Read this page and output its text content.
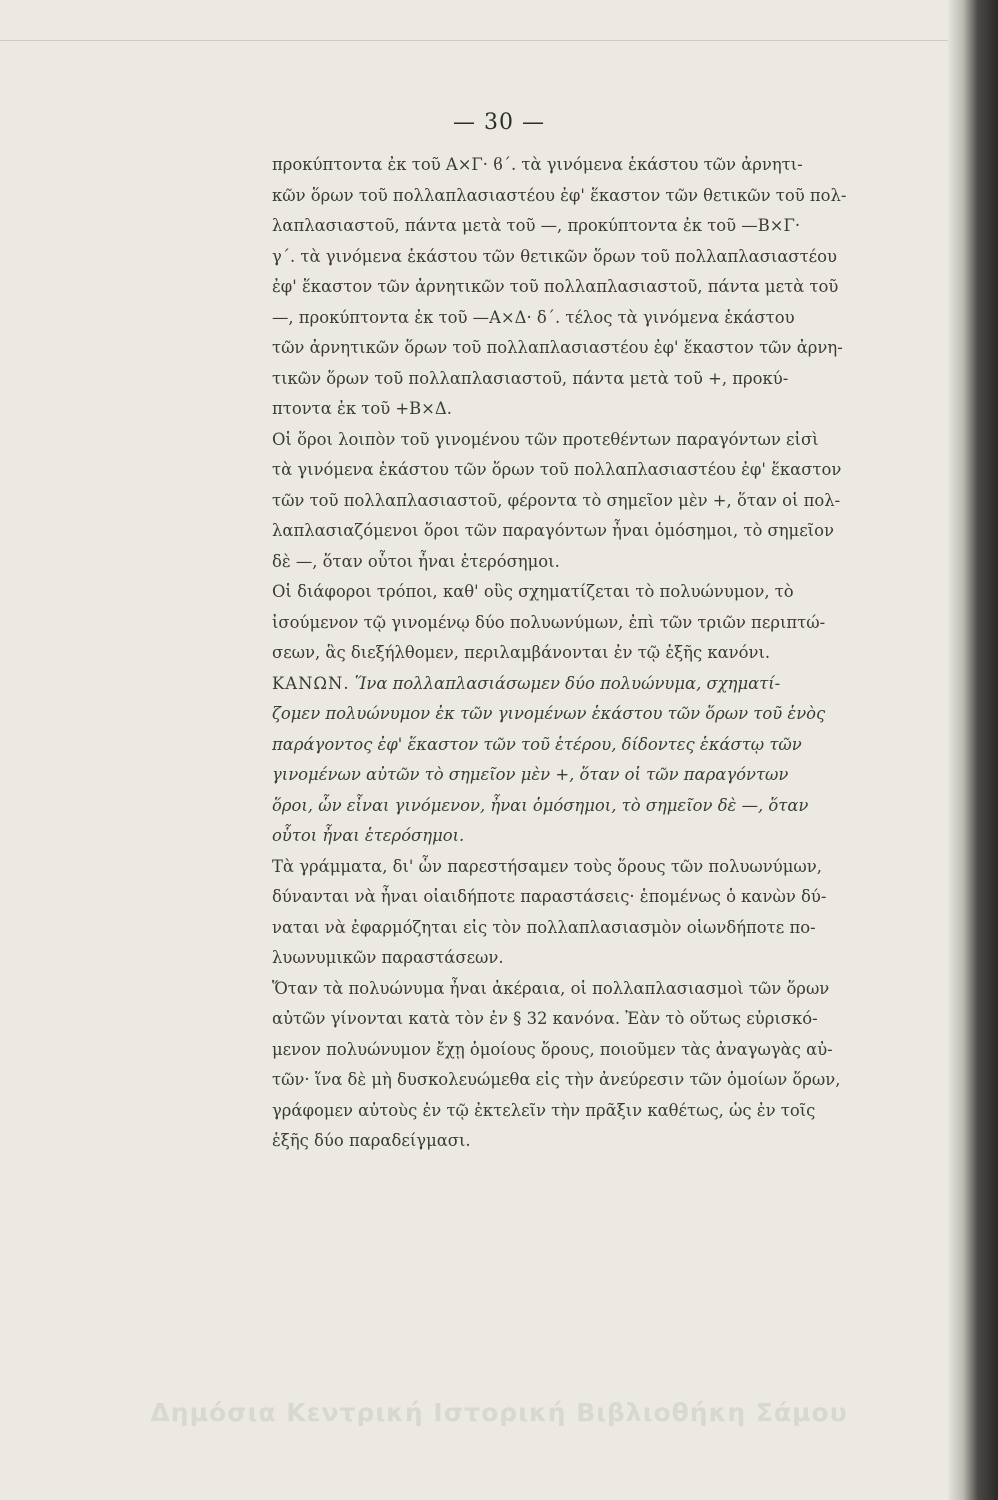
— 30 —

προκύπτοντα ἐκ τοῦ Α×Γ· ϐ΄. τὰ γινόμενα ἑκάστου τῶν ἀρνητι-
κῶν ὅρων τοῦ πολλαπλασιαστέου ἐφ' ἕκαστον τῶν θετικῶν τοῦ πολ-
λαπλασιαστοῦ, πάντα μετὰ τοῦ —, προκύπτοντα ἐκ τοῦ —Β×Γ·
γ΄. τὰ γινόμενα ἑκάστου τῶν θετικῶν ὅρων τοῦ πολλαπλασιαστέου
ἐφ' ἕκαστον τῶν ἀρνητικῶν τοῦ πολλαπλασιαστοῦ, πάντα μετὰ τοῦ
—, προκύπτοντα ἐκ τοῦ —Α×Δ· δ΄. τέλος τὰ γινόμενα ἑκάστου
τῶν ἀρνητικῶν ὅρων τοῦ πολλαπλασιαστέου ἐφ' ἕκαστον τῶν ἀρνη-
τικῶν ὅρων τοῦ πολλαπλασιαστοῦ, πάντα μετὰ τοῦ +, προκύ-
πτοντα ἐκ τοῦ +Β×Δ.

Οἱ ὅροι λοιπὸν τοῦ γινομένου τῶν προτεθέντων παραγόντων εἰσὶ
τὰ γινόμενα ἑκάστου τῶν ὅρων τοῦ πολλαπλασιαστέου ἐφ' ἕκαστον
τῶν τοῦ πολλαπλασιαστοῦ, φέροντα τὸ σημεῖον μὲν +, ὅταν οἱ πολ-
λαπλασιαζόμενοι ὅροι τῶν παραγόντων ἦναι ὁμόσημοι, τὸ σημεῖον
δὲ —, ὅταν οὗτοι ἦναι ἑτερόσημοι.

Οἱ διάφοροι τρόποι, καθ' οὓς σχηματίζεται τὸ πολυώνυμον, τὸ
ἰσούμενον τῷ γινομένῳ δύο πολυωνύμων, ἐπὶ τῶν τριῶν περιπτώ-
σεων, ἃς διεξήλθομεν, περιλαμβάνονται ἐν τῷ ἑξῆς κανόνι.

ΚΑΝΩΝ. Ἵνα πολλαπλασιάσωμεν δύο πολυώνυμα, σχηματί-
ζομεν πολυώνυμον ἐκ τῶν γινομένων ἑκάστου τῶν ὅρων τοῦ ἑνὸς
παράγοντος ἐφ' ἕκαστον τῶν τοῦ ἑτέρου, δίδοντες ἑκάστῳ τῶν
γινομένων αὐτῶν τὸ σημεῖον μὲν +, ὅταν οἱ τῶν παραγόντων
ὅροι, ὧν εἶναι γινόμενον, ἦναι ὁμόσημοι, τὸ σημεῖον δὲ —, ὅταν
οὗτοι ἦναι ἑτερόσημοι.

Τὰ γράμματα, δι' ὧν παρεστήσαμεν τοὺς ὅρους τῶν πολυωνύμων,
δύνανται νὰ ἦναι οἱαιδήποτε παραστάσεις· ἑπομένως ὁ κανὼν δύ-
ναται νὰ ἐφαρμόζηται εἰς τὸν πολλαπλασιασμὸν οἱωνδήποτε πο-
λυωνυμικῶν παραστάσεων.

Ὅταν τὰ πολυώνυμα ἦναι ἀκέραια, οἱ πολλαπλασιασμοὶ τῶν ὅρων
αὐτῶν γίνονται κατὰ τὸν ἐν § 32 κανόνα. Ἐὰν τὸ οὕτως εὑρισκό-
μενον πολυώνυμον ἔχῃ ὁμοίους ὅρους, ποιοῦμεν τὰς ἀναγωγὰς αὐ-
τῶν· ἵνα δὲ μὴ δυσκολευώμεθα εἰς τὴν ἀνεύρεσιν τῶν ὁμοίων ὅρων,
γράφομεν αὐτοὺς ἐν τῷ ἐκτελεῖν τὴν πρᾶξιν καθέτως, ὡς ἐν τοῖς
ἑξῆς δύο παραδείγμασι.

Δημόσια Κεντρική Ιστορική Βιβλιοθήκη Σάμου
